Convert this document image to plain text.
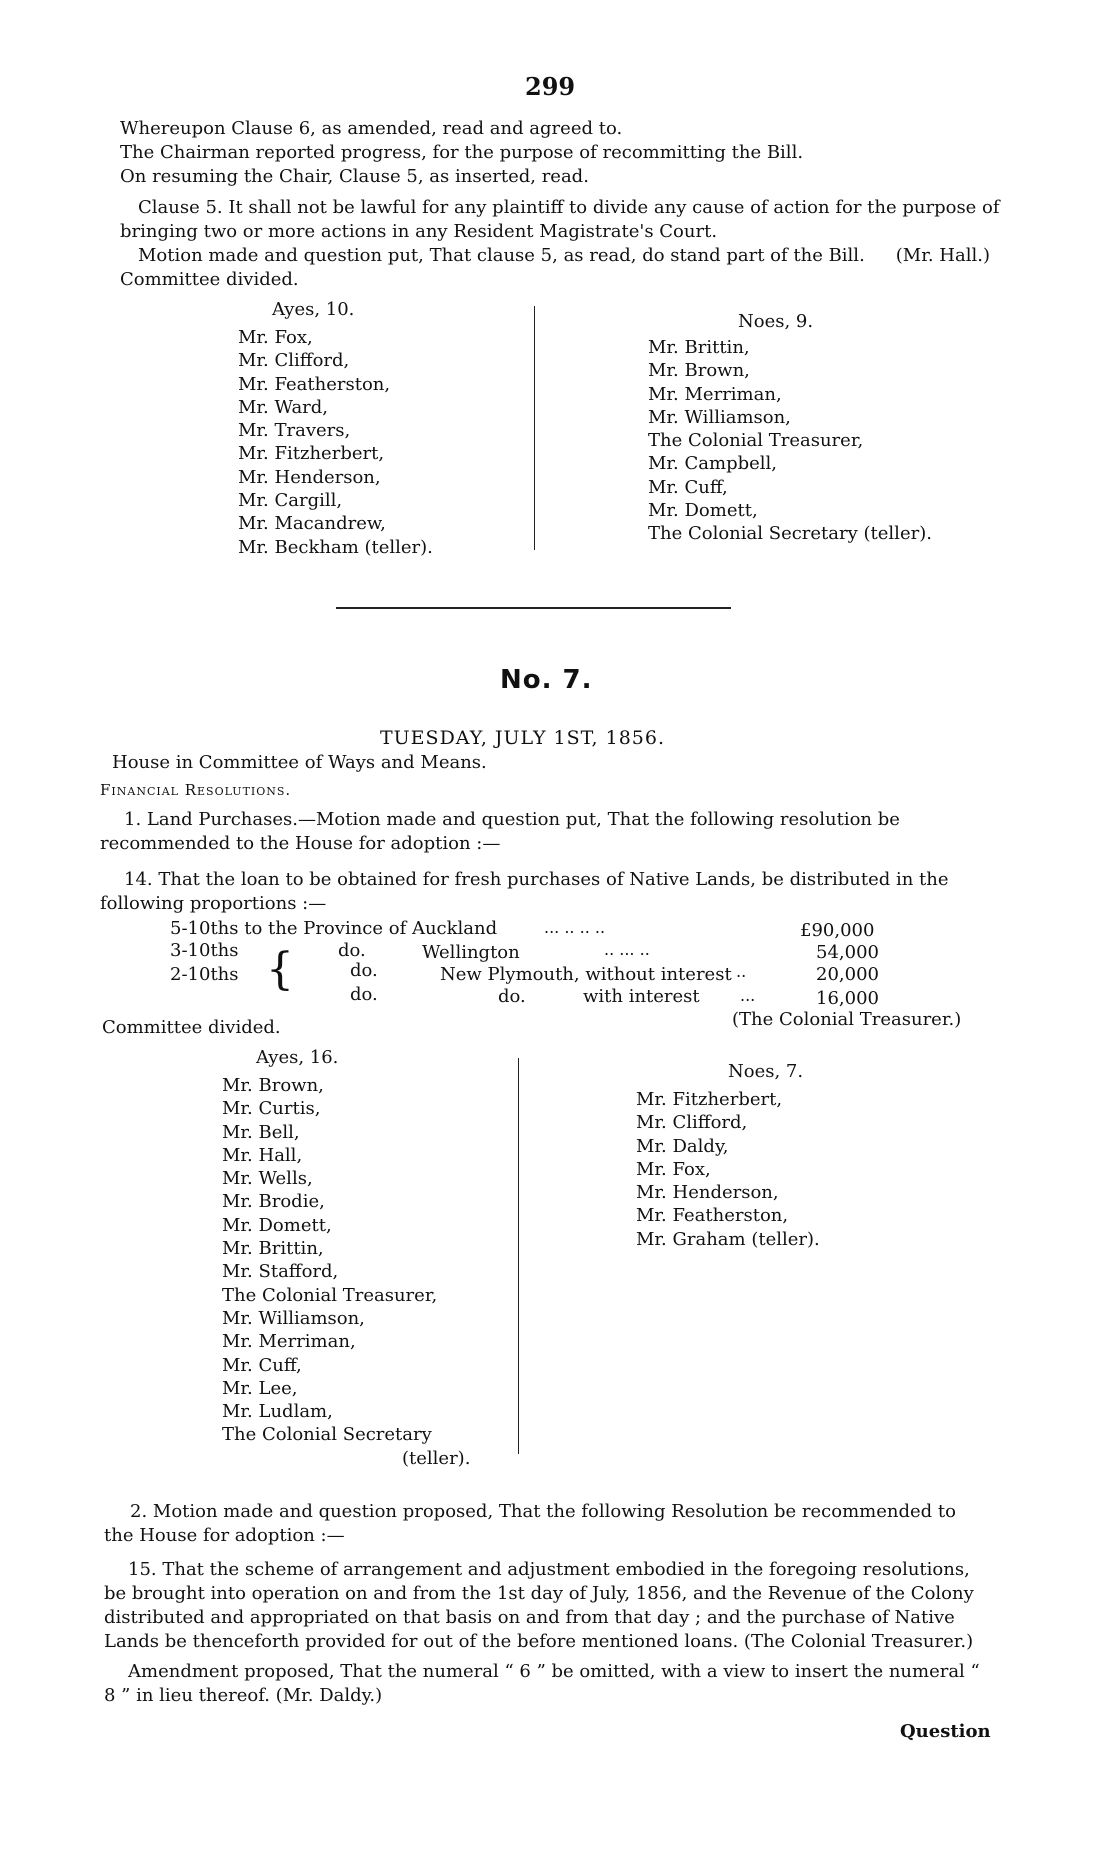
299
Whereupon Clause 6, as amended, read and agreed to.
The Chairman reported progress, for the purpose of recommitting the Bill.
On resuming the Chair, Clause 5, as inserted, read.
Clause 5. It shall not be lawful for any plaintiff to divide any cause of action for the purpose of bringing two or more actions in any Resident Magistrate's Court.
Motion made and question put, That clause 5, as read, do stand part of the Bill. (Mr. Hall.)
Committee divided.
Ayes, 10.
Mr. Fox,
Mr. Clifford,
Mr. Featherston,
Mr. Ward,
Mr. Travers,
Mr. Fitzherbert,
Mr. Henderson,
Mr. Cargill,
Mr. Macandrew,
Mr. Beckham (teller).
Noes, 9.
Mr. Brittin,
Mr. Brown,
Mr. Merriman,
Mr. Williamson,
The Colonial Treasurer,
Mr. Campbell,
Mr. Cuff,
Mr. Domett,
The Colonial Secretary (teller).
No. 7.
TUESDAY, JULY 1ST, 1856.
House in Committee of Ways and Means.
Financial Resolutions.
1. Land Purchases.—Motion made and question put, That the following resolution be recommended to the House for adoption :—
14. That the loan to be obtained for fresh purchases of Native Lands, be distributed in the following proportions :—
5-10ths to the Province of Auckland	... .. .. ..	£90,000
3-10ths	do.	Wellington	.. ... ..	54,000
2-10ths {	do.	New Plymouth, without interest ..	20,000
do.	do.          with interest	...	16,000
(The Colonial Treasurer.)
Committee divided.
Ayes, 16.
Mr. Brown,
Mr. Curtis,
Mr. Bell,
Mr. Hall,
Mr. Wells,
Mr. Brodie,
Mr. Domett,
Mr. Brittin,
Mr. Stafford,
The Colonial Treasurer,
Mr. Williamson,
Mr. Merriman,
Mr. Cuff,
Mr. Lee,
Mr. Ludlam,
The Colonial Secretary
(teller).
Noes, 7.
Mr. Fitzherbert,
Mr. Clifford,
Mr. Daldy,
Mr. Fox,
Mr. Henderson,
Mr. Featherston,
Mr. Graham (teller).
2. Motion made and question proposed, That the following Resolution be recommended to the House for adoption :—
15. That the scheme of arrangement and adjustment embodied in the foregoing resolutions, be brought into operation on and from the 1st day of July, 1856, and the Revenue of the Colony distributed and appropriated on that basis on and from that day ; and the purchase of Native Lands be thenceforth provided for out of the before mentioned loans. (The Colonial Treasurer.)
Amendment proposed, That the numeral “ 6 ” be omitted, with a view to insert the numeral “ 8 ” in lieu thereof. (Mr. Daldy.)
Question
